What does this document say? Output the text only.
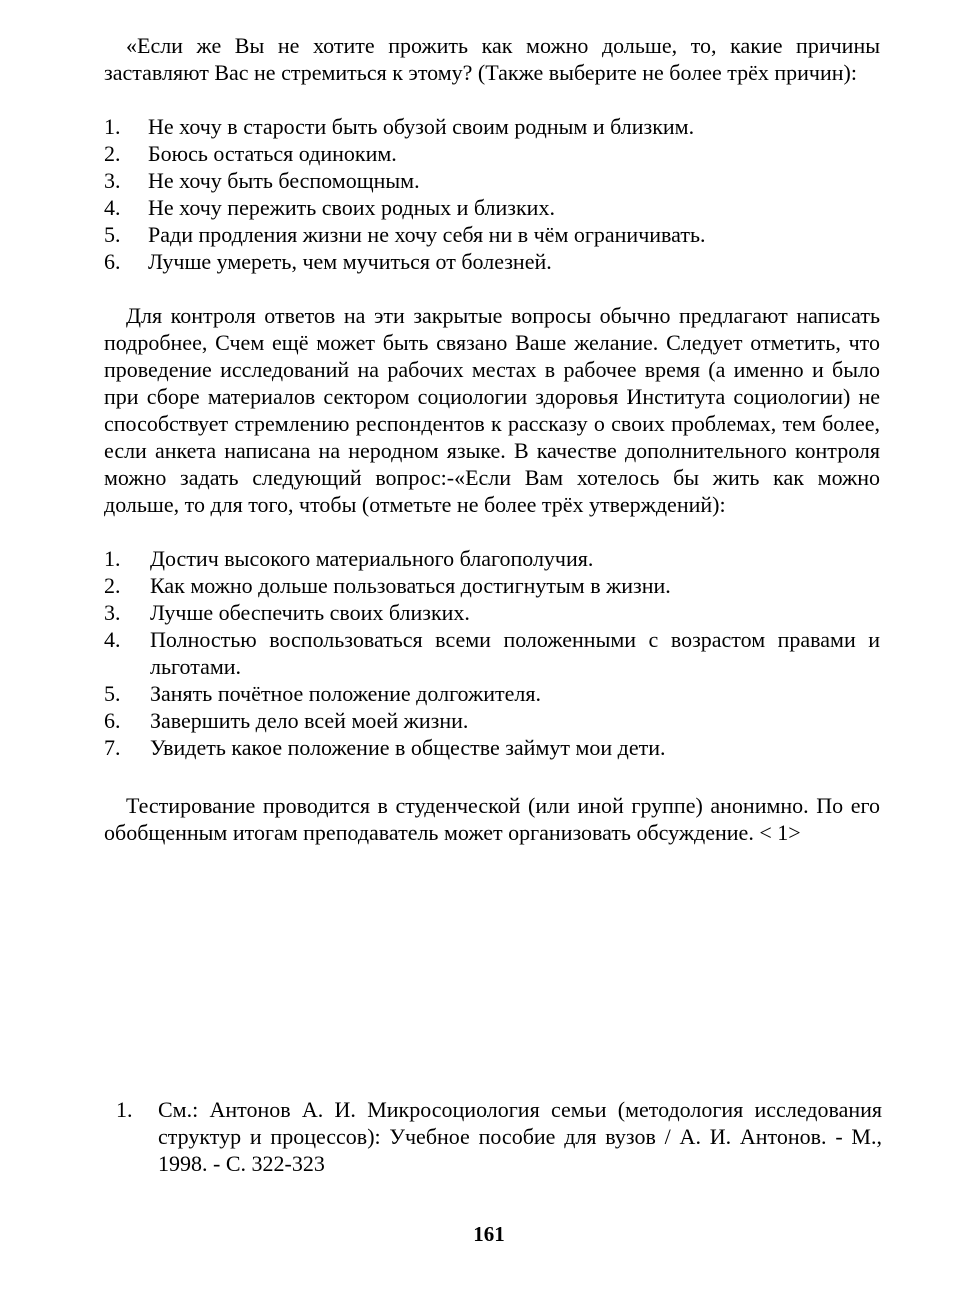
«Если же Вы не хотите прожить как можно дольше, то, какие причины заставляют Вас не стремиться к этому? (Также выберите не более трёх причин):

1. Не хочу в старости быть обузой своим родным и близким.
2. Боюсь остаться одиноким.
3. Не хочу быть беспомощным.
4. Не хочу пережить своих родных и близких.
5. Ради продления жизни не хочу себя ни в чём ограничивать.
6. Лучше умереть, чем мучиться от болезней.

Для контроля ответов на эти закрытые вопросы обычно предлагают написать подробнее, Счем ещё может быть связано Ваше желание. Следует отметить, что проведение исследований на рабочих местах в рабочее время (а именно и было при сборе материалов сектором социологии здоровья Института социологии) не способствует стремлению респондентов к рассказу о своих проблемах, тем более, если анкета написана на неродном языке. В качестве дополнительного контроля можно задать следующий вопрос:-«Если Вам хотелось бы жить как можно дольше, то для того, чтобы (отметьте не более трёх утверждений):

1. Достич высокого материального благополучия.
2. Как можно дольше пользоваться достигнутым в жизни.
3. Лучше обеспечить своих близких.
4. Полностью воспользоваться всеми положенными с возрастом правами и льготами.
5. Занять почётное положение долгожителя.
6. Завершить дело всей моей жизни.
7. Увидеть какое положение в обществе займут мои дети.

Тестирование проводится в студенческой (или иной группе) анонимно. По его обобщенным итогам преподаватель может организовать обсуждение. < 1>

1.	См.: Антонов А. И. Микросоциология семьи (методология исследования структур и процессов): Учебное пособие для вузов / А. И. Антонов. - М., 1998. - С. 322-323
161
